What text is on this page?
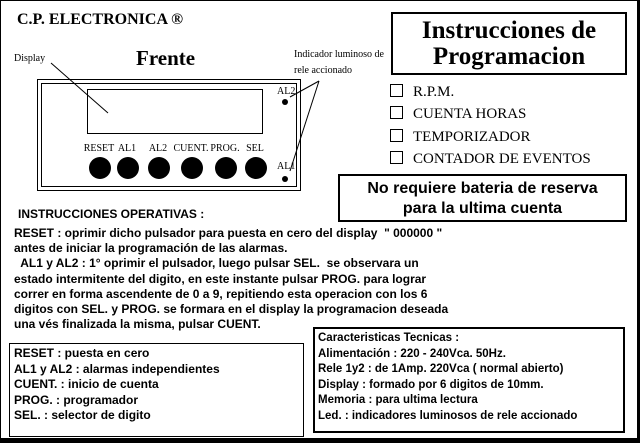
C.P. ELECTRONICA ®
Frente
Display	Indicador luminoso de rele accionado
AL2
AL1
RESET AL1	AL2 CUENT. PROG. SEL
Instrucciones de
Programacion
R.P.M.
CUENTA HORAS
TEMPORIZADOR
CONTADOR DE EVENTOS
No requiere bateria de reserva
para la ultima cuenta
INSTRUCCIONES OPERATIVAS :
RESET : oprimir dicho pulsador para puesta en cero del display  " 000000 "
antes de iniciar la programación de las alarmas.
AL1 y AL2 : 1° oprimir el pulsador, luego pulsar SEL.  se observara un
estado intermitente del digito, en este instante pulsar PROG. para lograr
correr en forma ascendente de 0 a 9, repitiendo esta operacion con los 6
digitos con SEL. y PROG. se formara en el display la programacion deseada
una vés finalizada la misma, pulsar CUENT.
RESET : puesta en cero
AL1 y AL2 : alarmas independientes
CUENT. : inicio de cuenta
PROG. : programador
SEL. : selector de digito
Caracteristicas Tecnicas :
Alimentación : 220 - 240Vca. 50Hz.
Rele 1y2 : de 1Amp. 220Vca ( normal abierto)
Display : formado por 6 digitos de 10mm.
Memoria : para ultima lectura
Led. : indicadores luminosos de rele accionado
